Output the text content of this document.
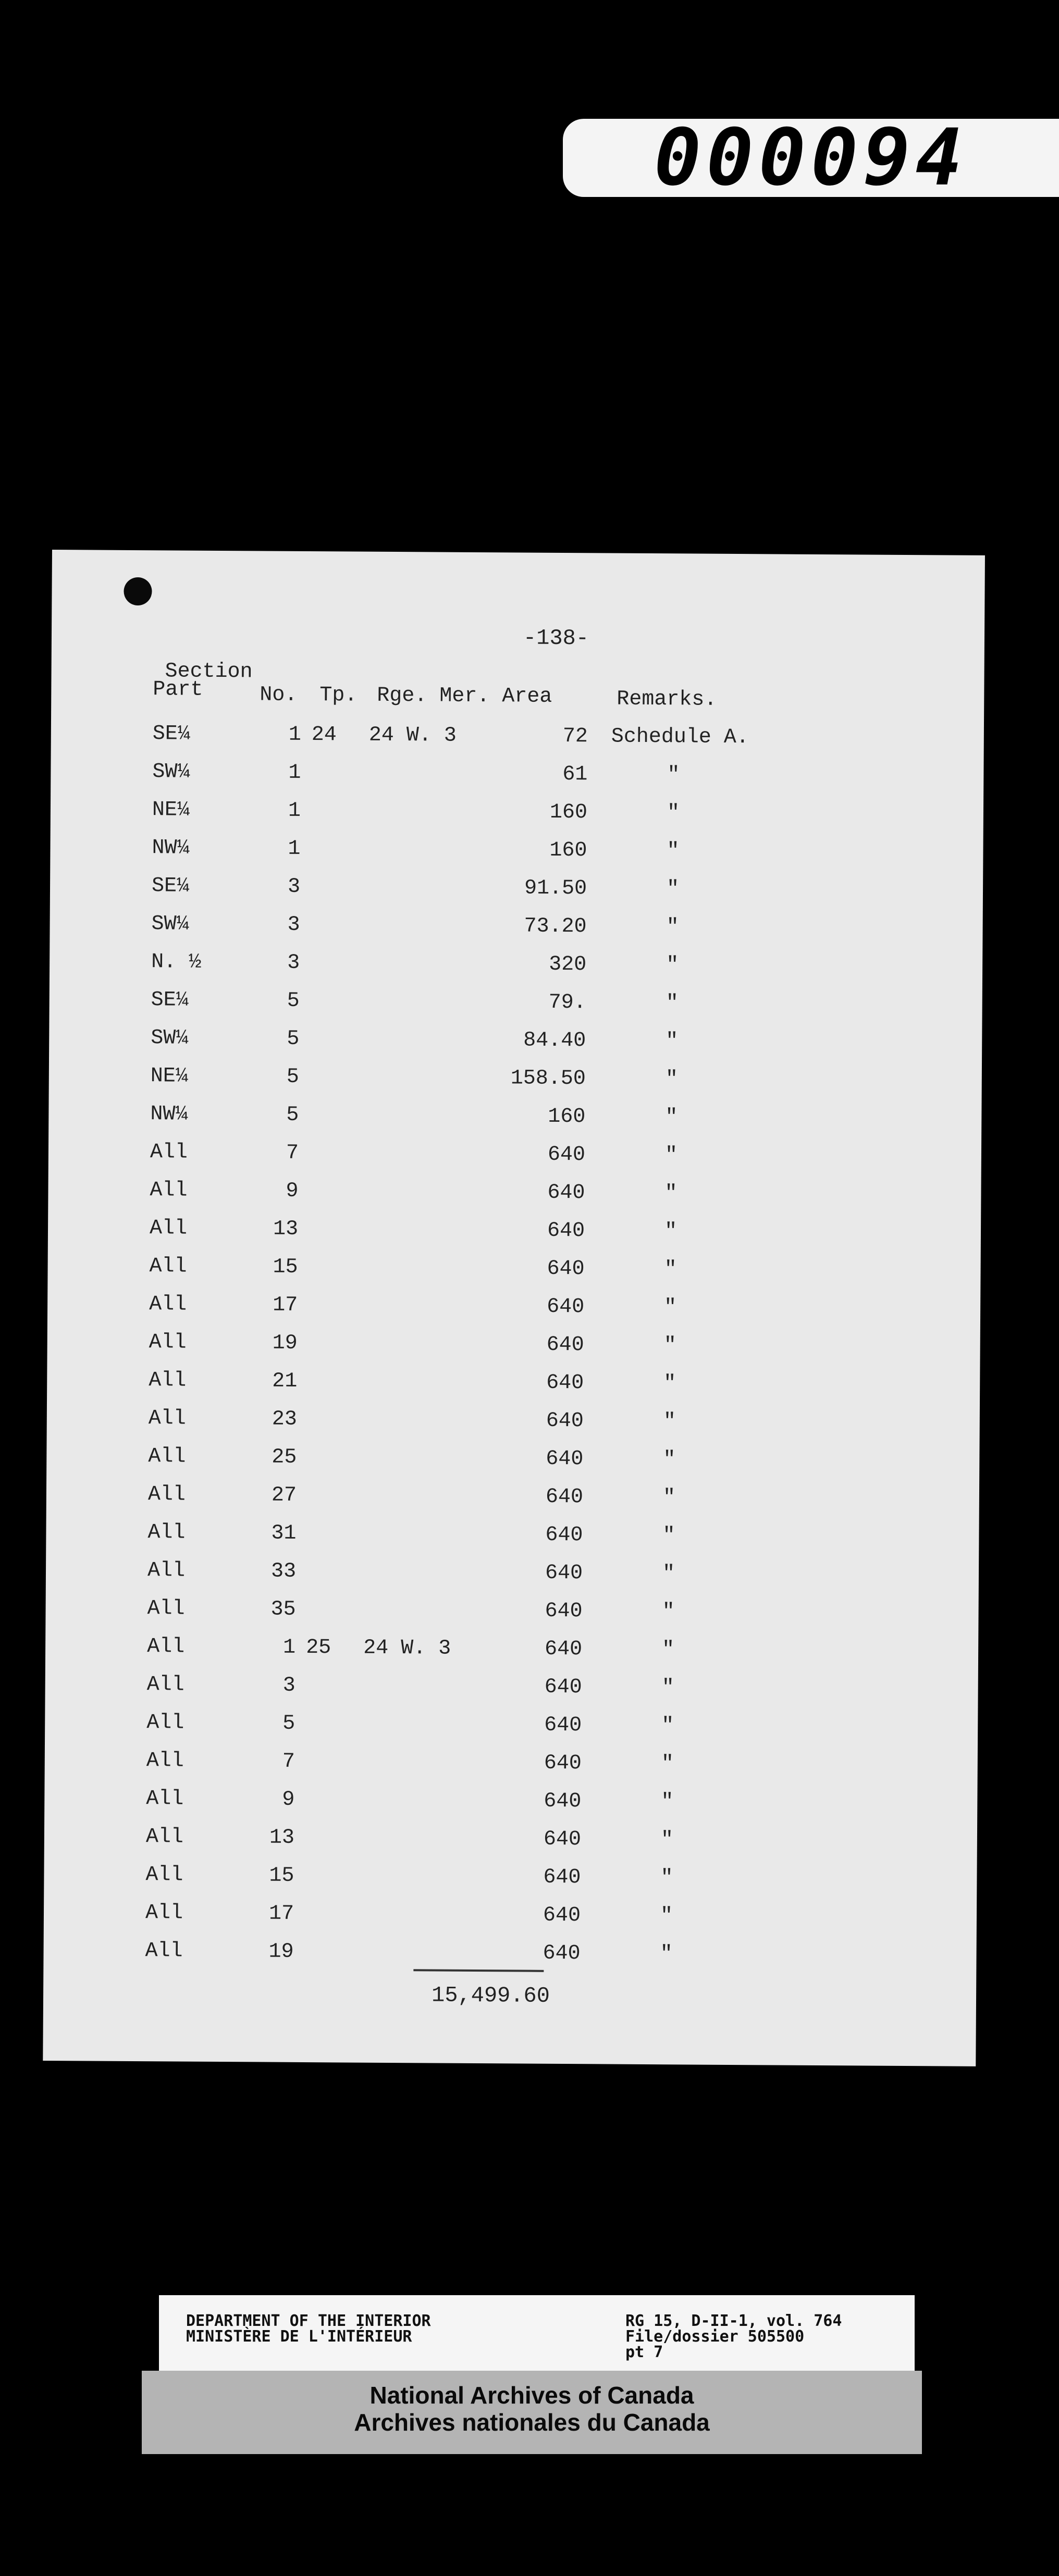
000094
-138-
Section
Part	No. Tp. Rge. Mer. Area	Remarks.
SE¼	1 24 24 W. 3	72 Schedule A.
SW¼	1	61	"
NE¼	1	160	"
NW¼	1	160	"
SE¼	3	91.50	"
SW¼	3	73.20	"
N. ½	3	320	"
SE¼	5	79.	"
SW¼	5	84.40	"
NE¼	5	158.50	"
NW¼	5	160	"
All	7	640	"
All	9	640	"
All	13	640	"
All	15	640	"
All	17	640	"
All	19	640	"
All	21	640	"
All	23	640	"
All	25	640	"
All	27	640	"
All	31	640	"
All	33	640	"
All	35	640	"
All	1 25 24 W. 3	640	"
All	3	640	"
All	5	640	"
All	7	640	"
All	9	640	"
All	13	640	"
All	15	640	"
All	17	640	"
All	19	640	"
15,499.60
DEPARTMENT OF THE INTERIOR
MINISTÈRE DE L'INTÉRIEUR
RG 15, D-II-1, vol. 764
File/dossier 505500
pt 7
National Archives of Canada
Archives nationales du Canada
